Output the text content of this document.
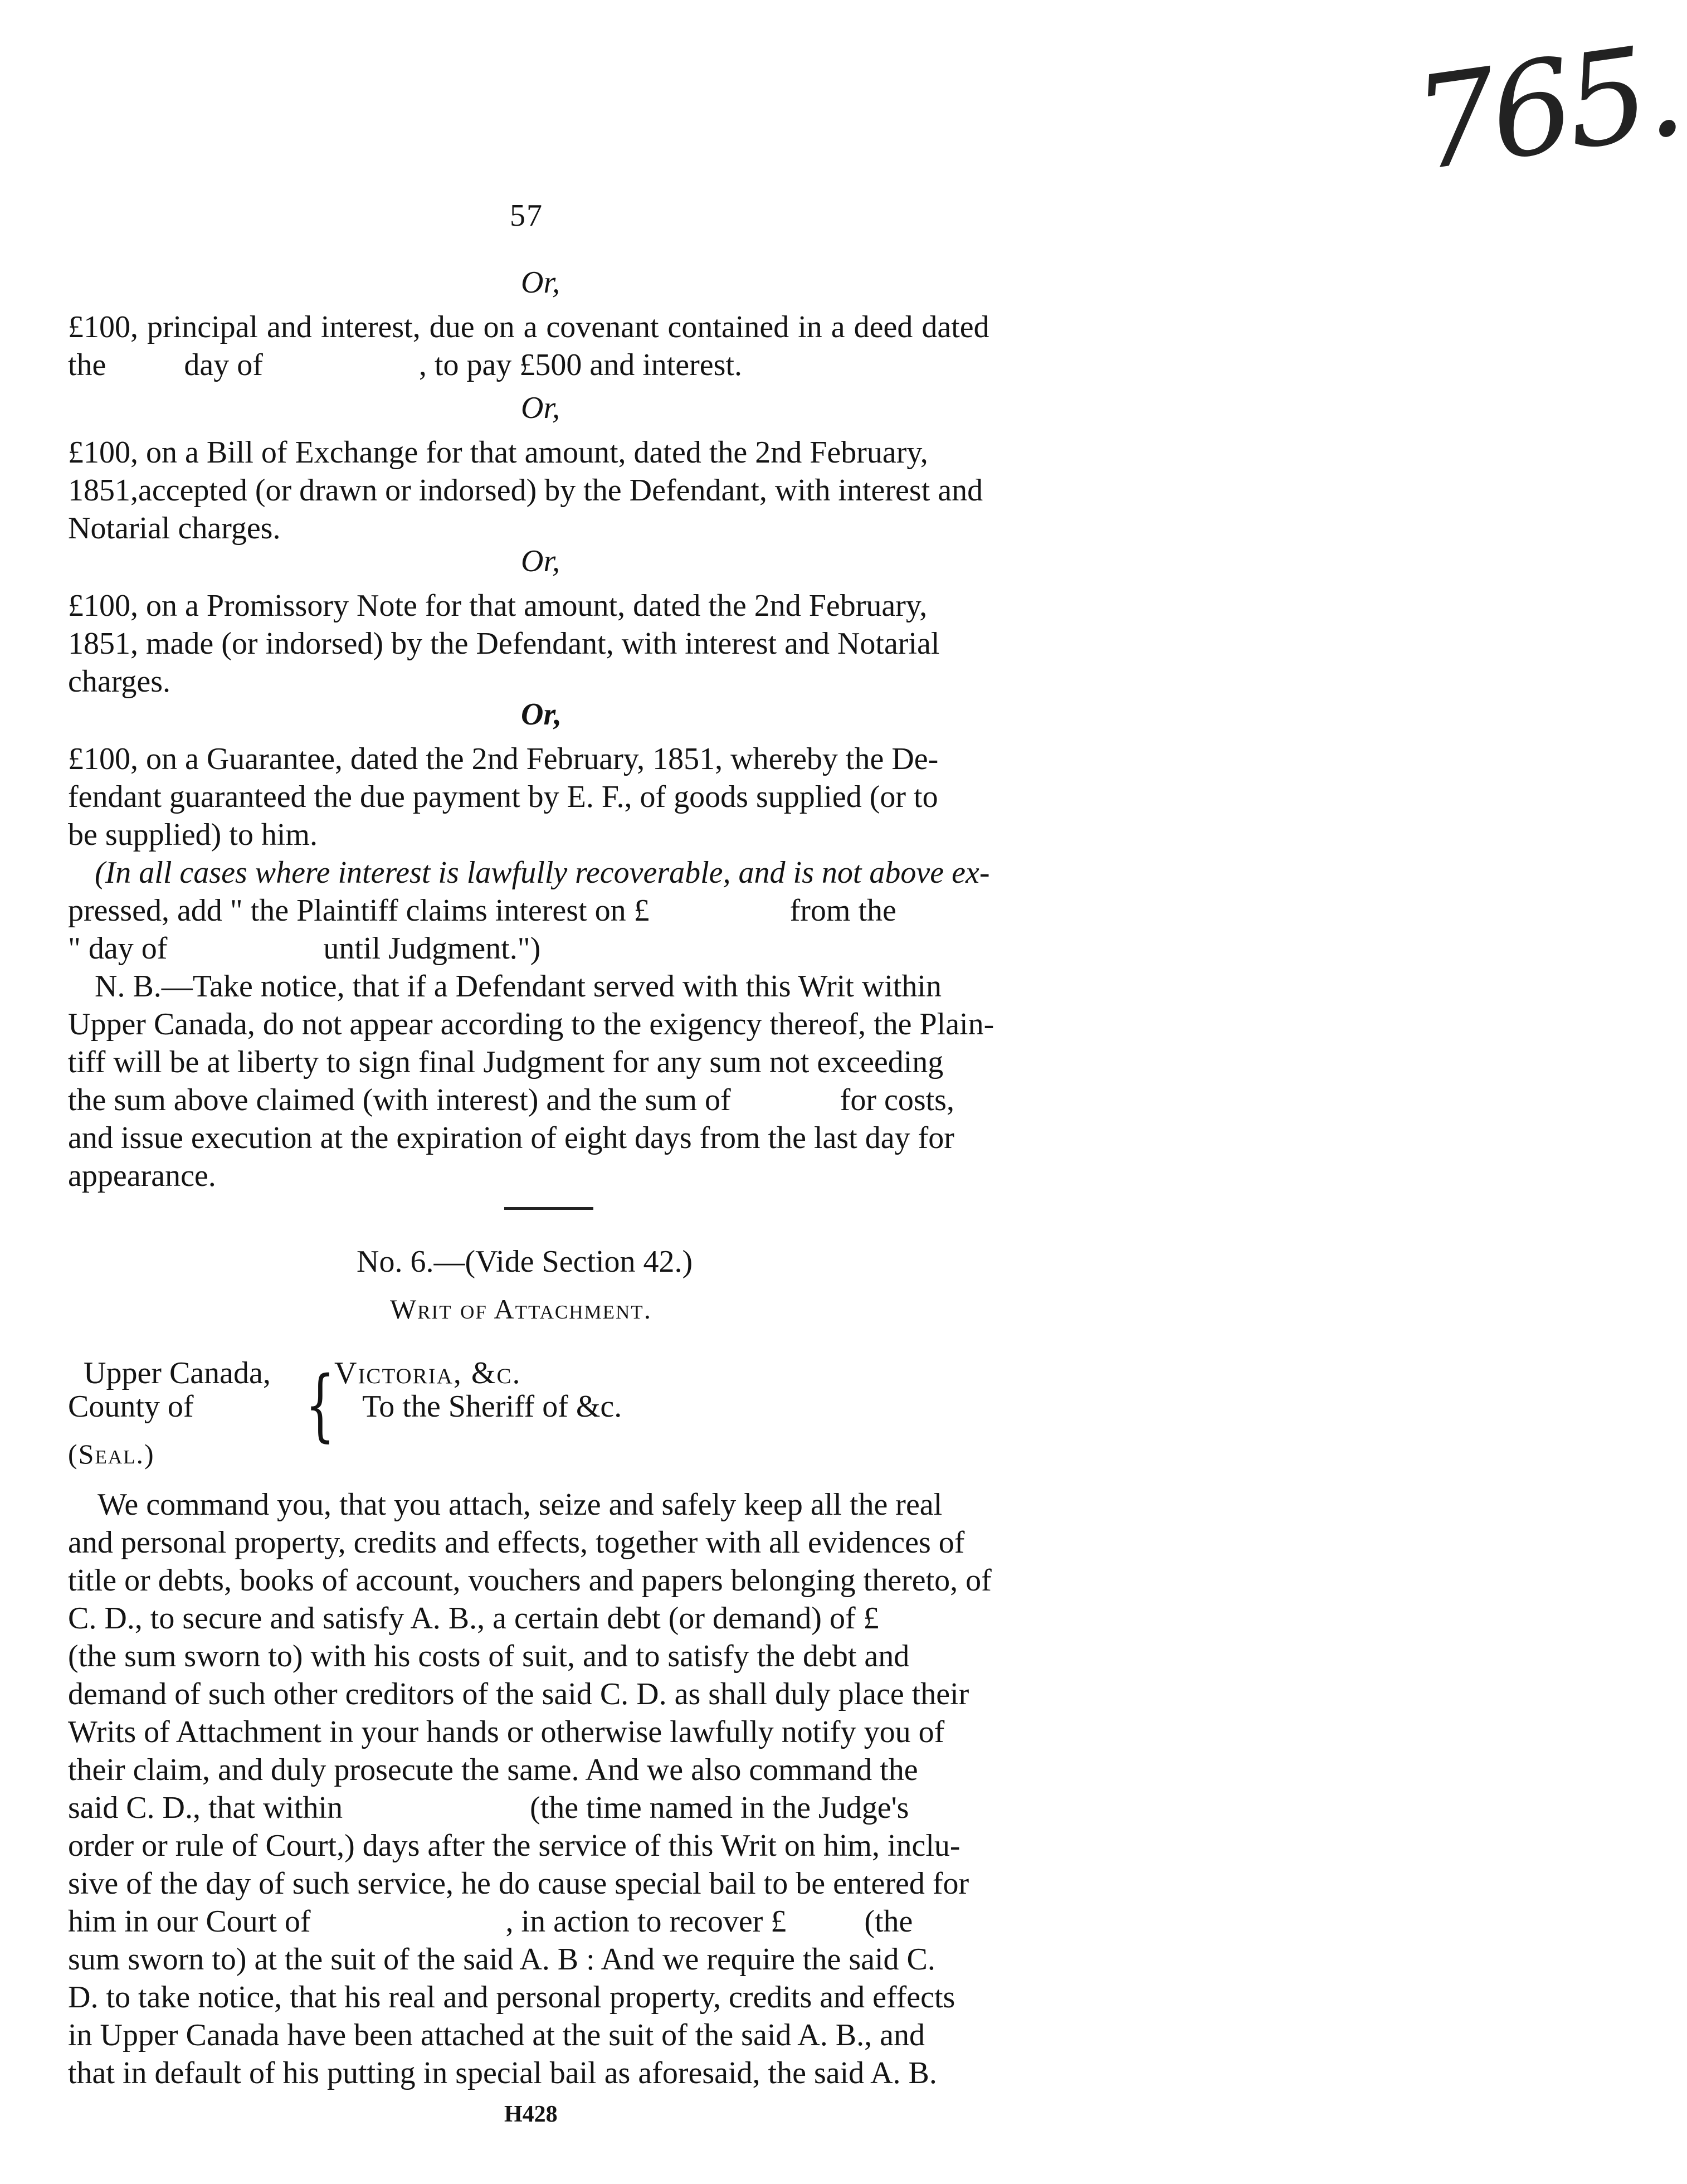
765.
57
Or,
£100, principal and interest, due on a covenant contained in a deed dated
the          day of                    , to pay £500 and interest.
Or,
£100, on a Bill of Exchange for that amount, dated the 2nd February,
1851,accepted (or drawn or indorsed) by the Defendant, with interest and
Notarial charges.
Or,
£100, on a Promissory Note for that amount, dated the 2nd February,
1851, made (or indorsed) by the Defendant, with interest and Notarial
charges.
Or,
£100, on a Guarantee, dated the 2nd February, 1851, whereby the De-
fendant guaranteed the due payment by E. F., of goods supplied (or to
be supplied) to him.
(In all cases where interest is lawfully recoverable, and is not above ex-
pressed, add " the Plaintiff claims interest on £                  from the
" day of                    until Judgment.")
N. B.—Take notice, that if a Defendant served with this Writ within
Upper Canada, do not appear according to the exigency thereof, the Plain-
tiff will be at liberty to sign final Judgment for any sum not exceeding
the sum above claimed (with interest) and the sum of              for costs,
and issue execution at the expiration of eight days from the last day for
appearance.
No. 6.—(Vide Section 42.)
Writ of Attachment.
Upper Canada,
County of {
Victoria, &c.
To the Sheriff of &c.
(Seal.)
We command you, that you attach, seize and safely keep all the real
and personal property, credits and effects, together with all evidences of
title or debts, books of account, vouchers and papers belonging thereto, of
C. D., to secure and satisfy A. B., a certain debt (or demand) of £
(the sum sworn to) with his costs of suit, and to satisfy the debt and
demand of such other creditors of the said C. D. as shall duly place their
Writs of Attachment in your hands or otherwise lawfully notify you of
their claim, and duly prosecute the same. And we also command the
said C. D., that within                        (the time named in the Judge's
order or rule of Court,) days after the service of this Writ on him, inclu-
sive of the day of such service, he do cause special bail to be entered for
him in our Court of                         , in action to recover £          (the
sum sworn to) at the suit of the said A. B : And we require the said C.
D. to take notice, that his real and personal property, credits and effects
in Upper Canada have been attached at the suit of the said A. B., and
that in default of his putting in special bail as aforesaid, the said A. B.
H428
